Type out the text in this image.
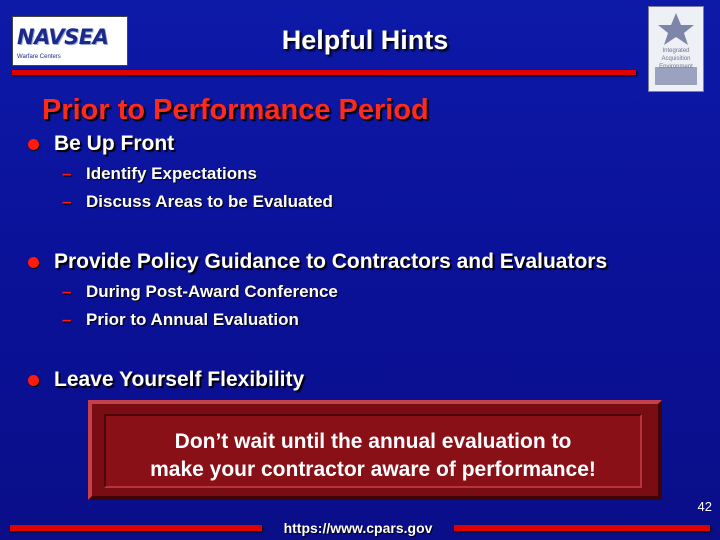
NAVSEA
Warfare Centers
Helpful Hints	Integrated Acquisition Environment
Prior to Performance Period
Be Up Front
– Identify Expectations
– Discuss Areas to be Evaluated
Provide Policy Guidance to Contractors and Evaluators
– During Post-Award Conference
– Prior to Annual Evaluation
Leave Yourself Flexibility
Don’t wait until the annual evaluation to
make your contractor aware of performance!
42
https://www.cpars.gov
